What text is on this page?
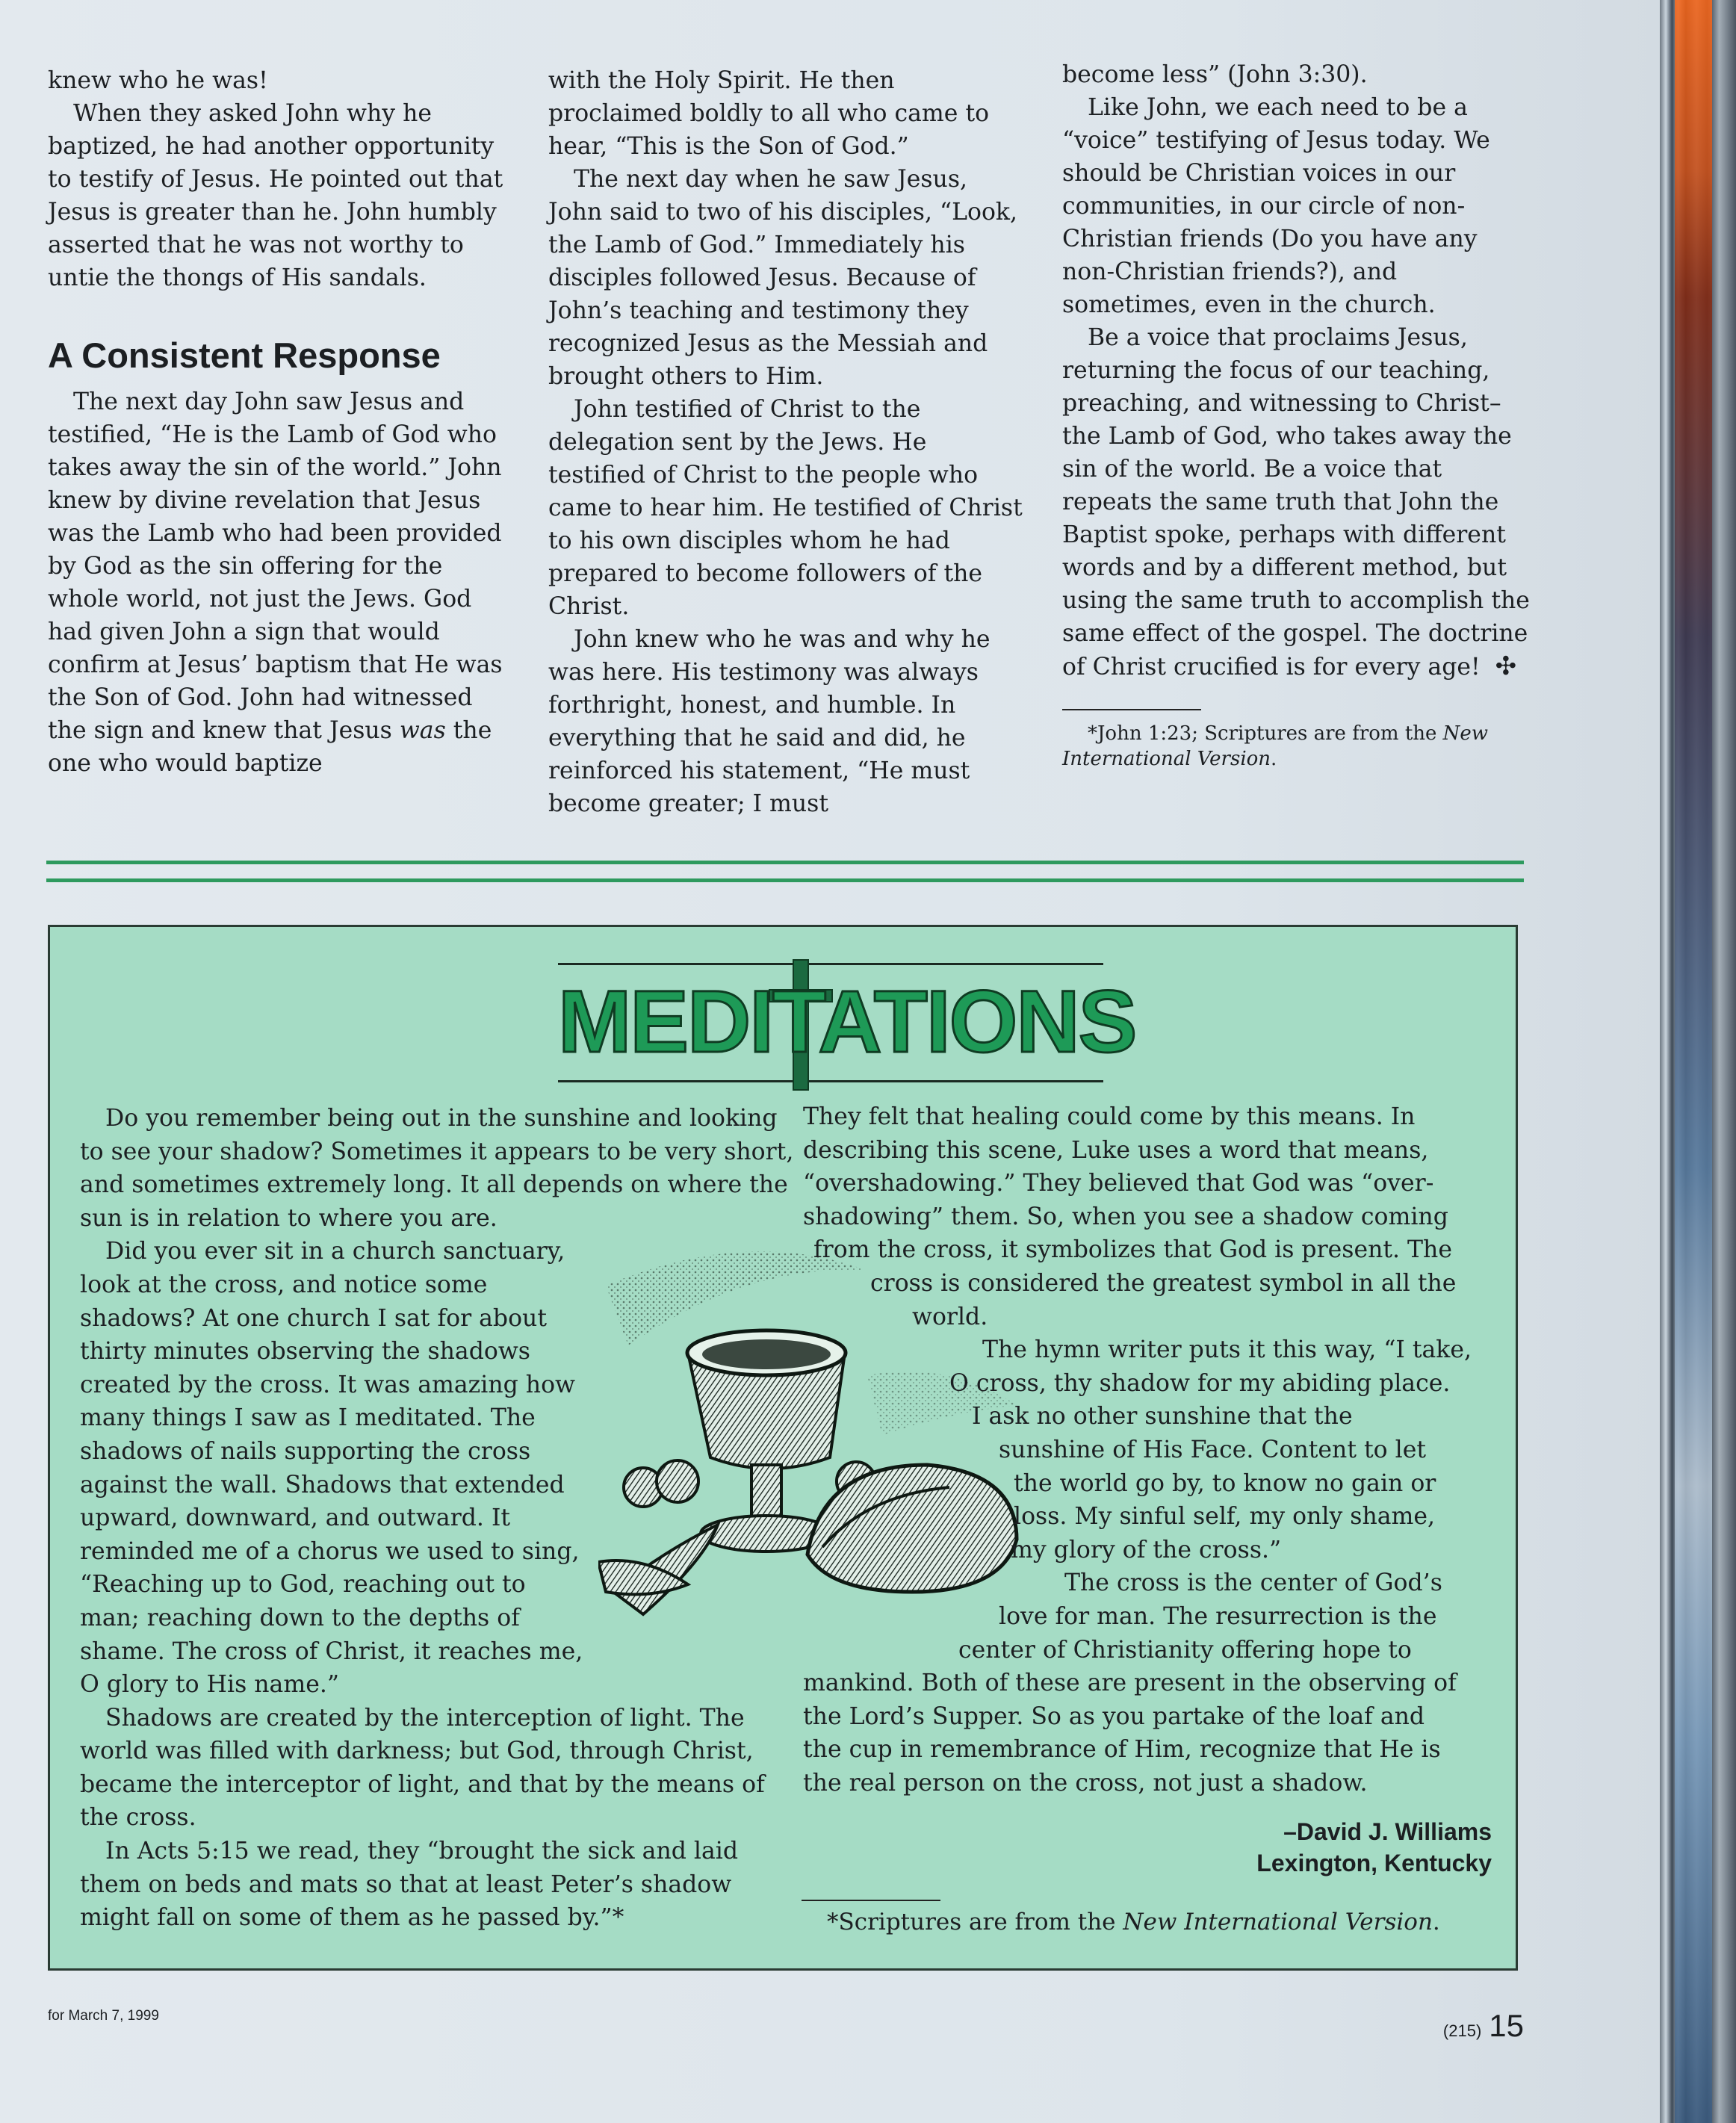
knew who he was!

When they asked John why he baptized, he had another opportunity to testify of Jesus. He pointed out that Jesus is greater than he. John humbly asserted that he was not worthy to untie the thongs of His sandals.

A Consistent Response

The next day John saw Jesus and testified, “He is the Lamb of God who takes away the sin of the world.” John knew by divine revelation that Jesus was the Lamb who had been provided by God as the sin offering for the whole world, not just the Jews. God had given John a sign that would confirm at Jesus’ baptism that He was the Son of God. John had witnessed the sign and knew that Jesus was the one who would baptize

with the Holy Spirit. He then proclaimed boldly to all who came to hear, “This is the Son of God.”

The next day when he saw Jesus, John said to two of his disciples, “Look, the Lamb of God.” Immediately his disciples followed Jesus. Because of John’s teaching and testimony they recognized Jesus as the Messiah and brought others to Him.

John testified of Christ to the delegation sent by the Jews. He testified of Christ to the people who came to hear him. He testified of Christ to his own disciples whom he had prepared to become followers of the Christ.

John knew who he was and why he was here. His testimony was always forthright, honest, and humble. In everything that he said and did, he reinforced his statement, “He must become greater; I must

become less” (John 3:30).

Like John, we each need to be a “voice” testifying of Jesus today. We should be Christian voices in our communities, in our circle of non-Christian friends (Do you have any non-Christian friends?), and sometimes, even in the church.

Be a voice that proclaims Jesus, returning the focus of our teaching, preaching, and witnessing to Christ–the Lamb of God, who takes away the sin of the world. Be a voice that repeats the same truth that John the Baptist spoke, perhaps with different words and by a different method, but using the same truth to accomplish the same effect of the gospel. The doctrine of Christ crucified is for every age! ✣

*John 1:23; Scriptures are from the New International Version.

MEDITATIONS

Do you remember being out in the sunshine and looking to see your shadow? Sometimes it appears to be very short, and sometimes extremely long. It all depends on where the sun is in relation to where you are.

Did you ever sit in a church sanctuary,
look at the cross, and notice some
shadows? At one church I sat for about
thirty minutes observing the shadows
created by the cross. It was amazing how
many things I saw as I meditated. The
shadows of nails supporting the cross
against the wall. Shadows that extended
upward, downward, and outward. It
reminded me of a chorus we used to sing,
“Reaching up to God, reaching out to
man; reaching down to the depths of
shame. The cross of Christ, it reaches me,
O glory to His name.”

Shadows are created by the interception of light. The world was filled with darkness; but God, through Christ, became the interceptor of light, and that by the means of the cross.

In Acts 5:15 we read, they “brought the sick and laid them on beds and mats so that at least Peter’s shadow might fall on some of them as he passed by.”*

They felt that healing could come by this means. In
describing this scene, Luke uses a word that means,
“overshadowing.” They believed that God was “over-
shadowing” them. So, when you see a shadow coming
from the cross, it symbolizes that God is present. The
cross is considered the greatest symbol in all the
world.
The hymn writer puts it this way, “I take,
O cross, thy shadow for my abiding place.
I ask no other sunshine that the
sunshine of His Face. Content to let
the world go by, to know no gain or
loss. My sinful self, my only shame,
my glory of the cross.”
The cross is the center of God’s
love for man. The resurrection is the
center of Christianity offering hope to
mankind. Both of these are present in the observing of
the Lord’s Supper. So as you partake of the loaf and
the cup in remembrance of Him, recognize that He is
the real person on the cross, not just a shadow.
–David J. Williams
Lexington, Kentucky
*Scriptures are from the New International Version.
for March 7, 1999
(215) 15
